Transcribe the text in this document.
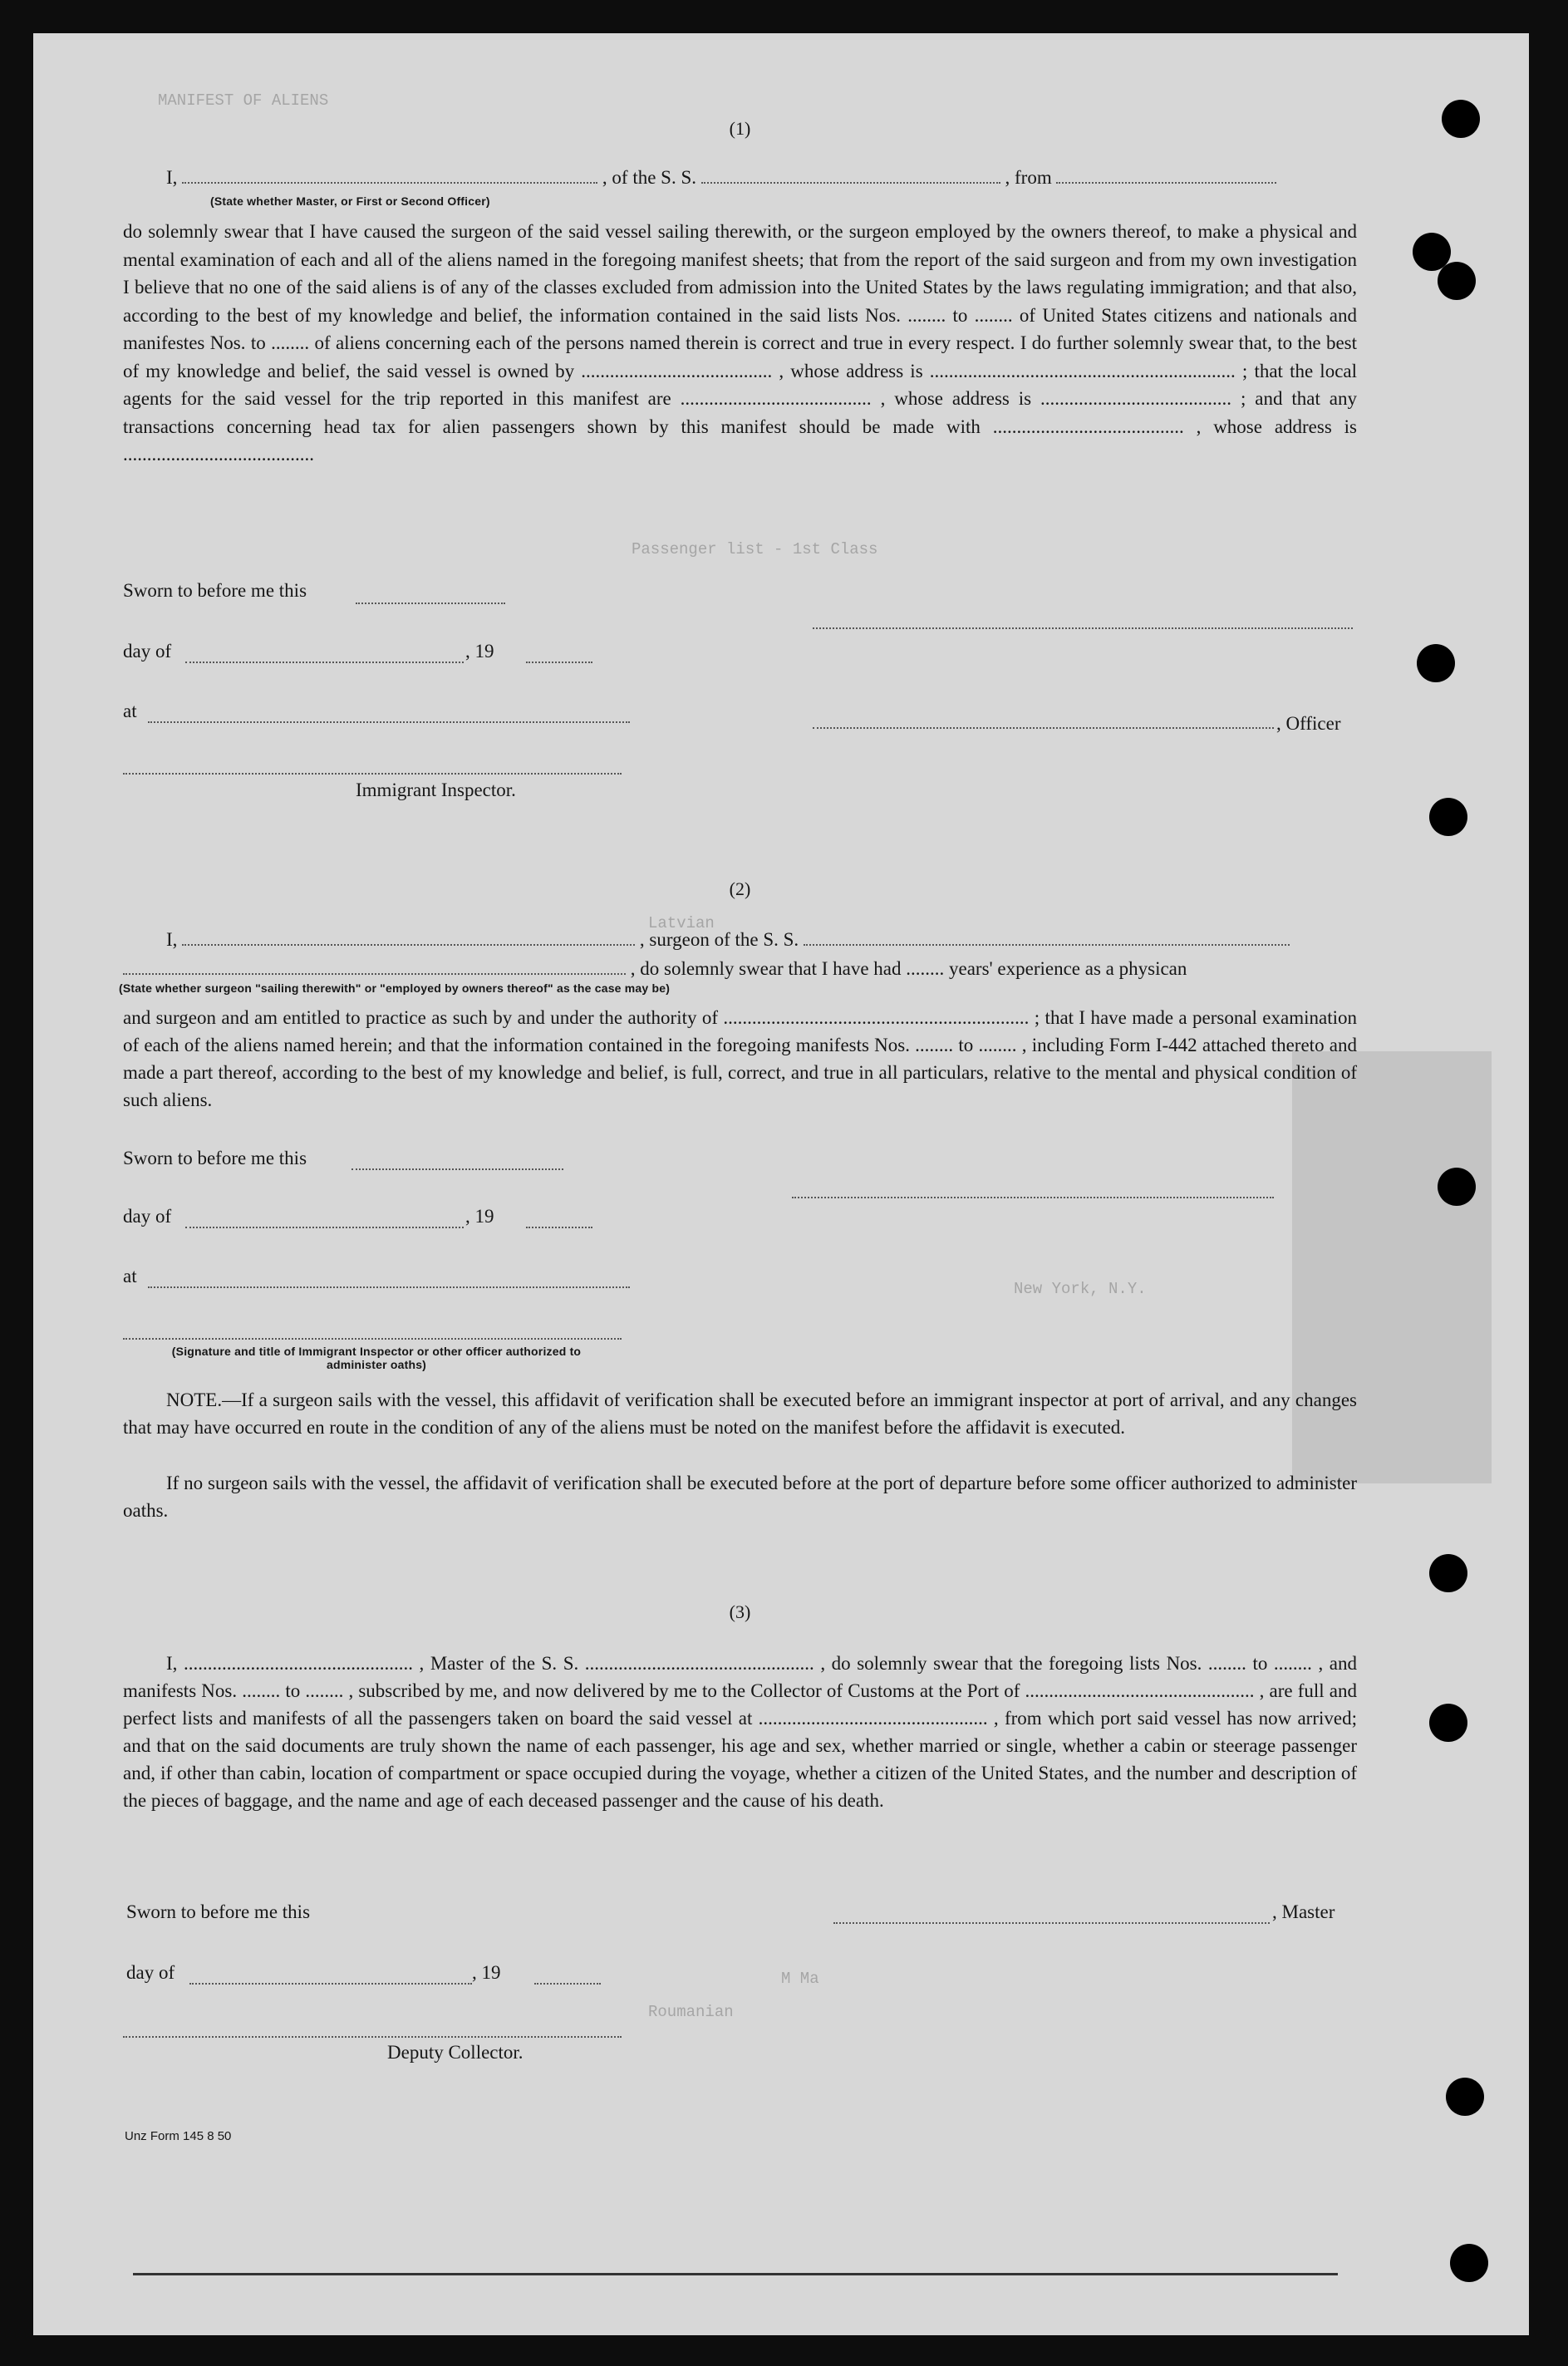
MANIFEST OF ALIENS
Passenger list - 1st Class
New York, N.Y.
Latvian
Roumanian
M Ma
(1)
I,	, of the S. S.	, from
(State whether Master, or First or Second Officer)
do solemnly swear that I have caused the surgeon of the said vessel sailing therewith, or the surgeon employed by the owners thereof, to make a physical and mental examination of each and all of the aliens named in the foregoing manifest sheets; that from the report of the said surgeon and from my own investigation I believe that no one of the said aliens is of any of the classes excluded from admission into the United States by the laws regulating immigration; and that also, according to the best of my knowledge and belief, the information contained in the said lists Nos. ........ to ........ of United States citizens and nationals and manifestes Nos. to ........ of aliens concerning each of the persons named therein is correct and true in every respect. I do further solemnly swear that, to the best of my knowledge and belief, the said vessel is owned by ........................................ , whose address is ................................................................ ; that the local agents for the said vessel for the trip reported in this manifest are ........................................ , whose address is ........................................ ; and that any transactions concerning head tax for alien passengers shown by this manifest should be made with ........................................ , whose address is ........................................
Sworn to before me this
day of	, 19
at
, Officer
Immigrant Inspector.
(2)
I,	, surgeon of the S. S.
, do solemnly swear that I have had ........ years' experience as a physican
(State whether surgeon "sailing therewith" or "employed by owners thereof" as the case may be)
and surgeon and am entitled to practice as such by and under the authority of ................................................................ ; that I have made a personal examination of each of the aliens named herein; and that the information contained in the foregoing manifests Nos. ........ to ........ , including Form I-442 attached thereto and made a part thereof, according to the best of my knowledge and belief, is full, correct, and true in all particulars, relative to the mental and physical condition of such aliens.
Sworn to before me this
day of	, 19
at
(Signature and title of Immigrant Inspector or other officer authorized to administer oaths)
NOTE.—If a surgeon sails with the vessel, this affidavit of verification shall be executed before an immigrant inspector at port of arrival, and any changes that may have occurred en route in the condition of any of the aliens must be noted on the manifest before the affidavit is executed.
If no surgeon sails with the vessel, the affidavit of verification shall be executed before at the port of departure before some officer authorized to administer oaths.
(3)
I, ................................................ , Master of the S. S. ................................................ , do solemnly swear that the foregoing lists Nos. ........ to ........ , and manifests Nos. ........ to ........ , subscribed by me, and now delivered by me to the Collector of Customs at the Port of ................................................ , are full and perfect lists and manifests of all the passengers taken on board the said vessel at ................................................ , from which port said vessel has now arrived; and that on the said documents are truly shown the name of each passenger, his age and sex, whether married or single, whether a cabin or steerage passenger and, if other than cabin, location of compartment or space occupied during the voyage, whether a citizen of the United States, and the number and description of the pieces of baggage, and the name and age of each deceased passenger and the cause of his death.
Sworn to before me this	, Master
day of	, 19
Deputy Collector.
Unz Form 145 8 50
